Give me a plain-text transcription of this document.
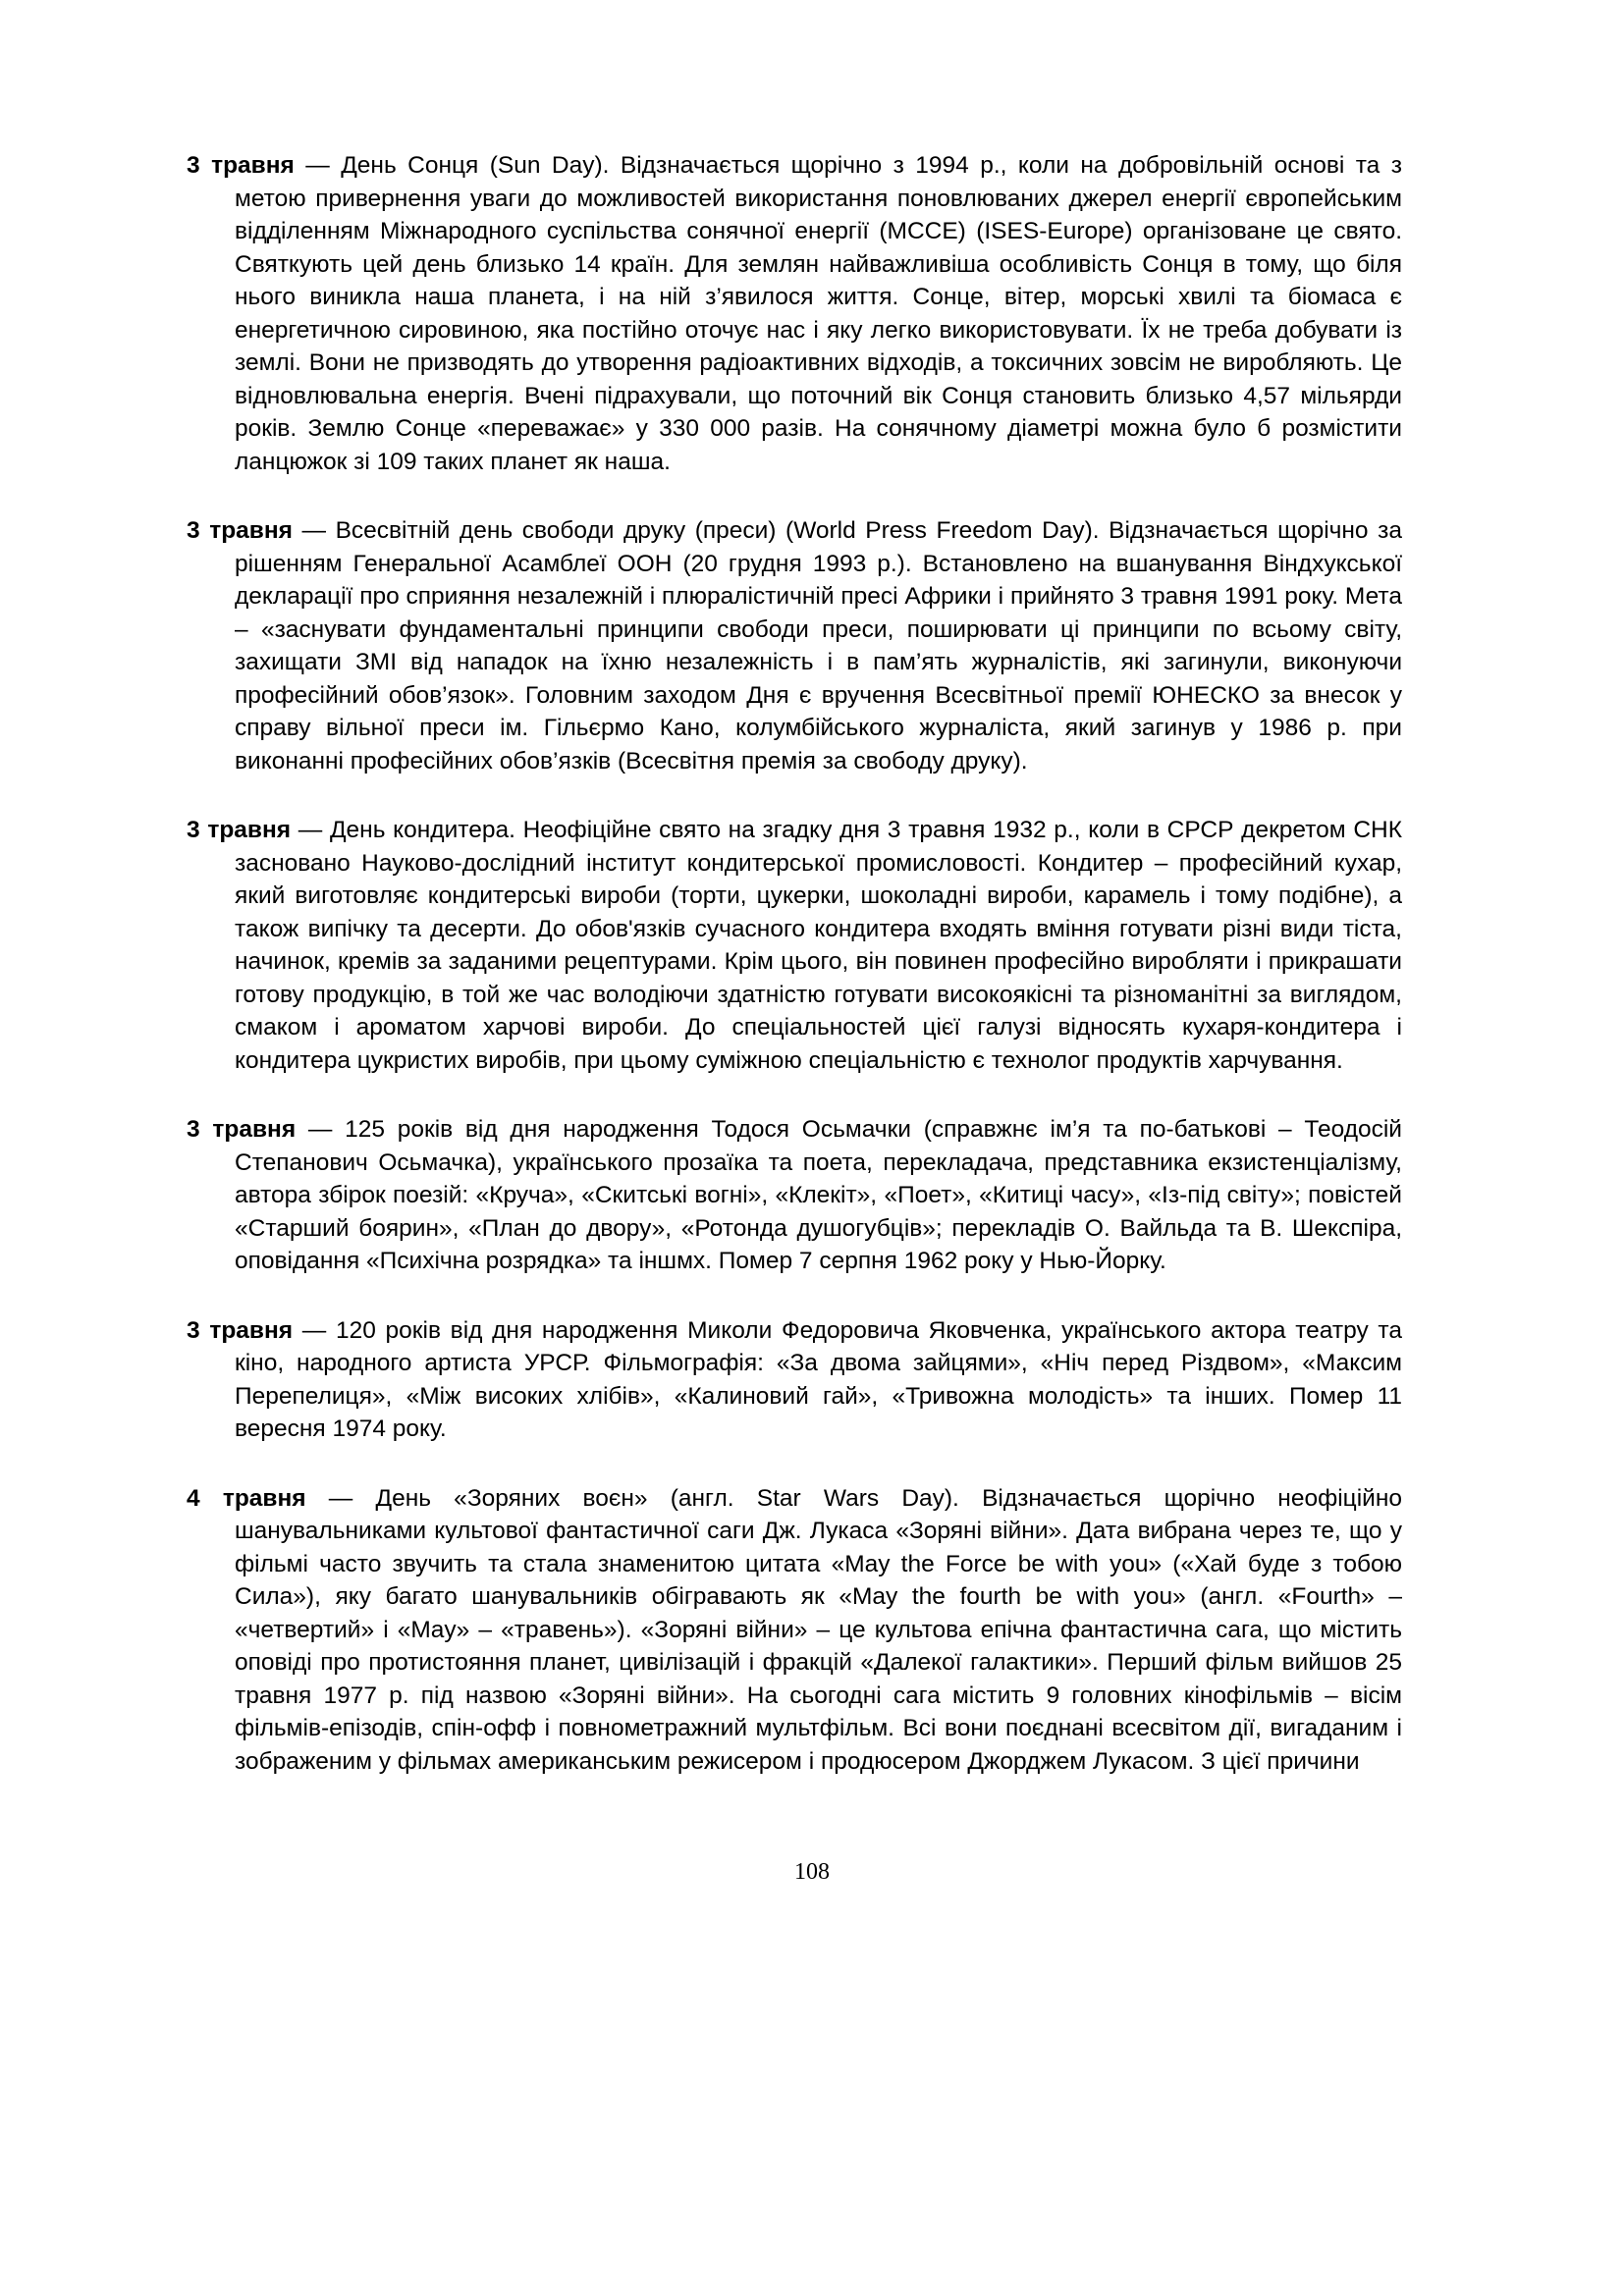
3 травня — День Сонця (Sun Day). Відзначається щорічно з 1994 р., коли на добровільній основі та з метою привернення уваги до можливостей використання поновлюваних джерел енергії європейським відділенням Міжнародного суспільства сонячної енергії (МССЕ) (ISES-Europe) організоване це свято. Святкують цей день близько 14 країн. Для землян найважливіша особливість Сонця в тому, що біля нього виникла наша планета, і на ній з’явилося життя. Сонце, вітер, морські хвилі та біомаса є енергетичною сировиною, яка постійно оточує нас і яку легко використовувати. Їх не треба добувати із землі. Вони не призводять до утворення радіоактивних відходів, а токсичних зовсім не виробляють. Це відновлювальна енергія. Вчені підрахували, що поточний вік Сонця становить близько 4,57 мільярди років. Землю Сонце «переважає» у 330 000 разів. На сонячному діаметрі можна було б розмістити ланцюжок зі 109 таких планет як наша.

3 травня — Всесвітній день свободи друку (преси) (World Press Freedom Day). Відзначається щорічно за рішенням Генеральної Асамблеї ООН (20 грудня 1993 р.). Встановлено на вшанування Віндхукської декларації про сприяння незалежній і плюралістичній пресі Африки і прийнято 3 травня 1991 року. Мета – «заснувати фундаментальні принципи свободи преси, поширювати ці принципи по всьому світу, захищати ЗМІ від нападок на їхню незалежність і в пам’ять журналістів, які загинули, виконуючи професійний обов’язок». Головним заходом Дня є вручення Всесвітньої премії ЮНЕСКО за внесок у справу вільної преси ім. Гільєрмо Кано, колумбійського журналіста, який загинув у 1986 р. при виконанні професійних обов’язків (Всесвітня премія за свободу друку).

3 травня — День кондитера. Неофіційне свято на згадку дня 3 травня 1932 р., коли в СРСР декретом СНК засновано Науково-дослідний інститут кондитерської промисловості. Кондитер – професійний кухар, який виготовляє кондитерські вироби (торти, цукерки, шоколадні вироби, карамель і тому подібне), а також випічку та десерти. До обов'язків сучасного кондитера входять вміння готувати різні види тіста, начинок, кремів за заданими рецептурами. Крім цього, він повинен професійно виробляти і прикрашати готову продукцію, в той же час володіючи здатністю готувати високоякісні та різноманітні за виглядом, смаком і ароматом харчові вироби. До спеціальностей цієї галузі відносять кухаря-кондитера і кондитера цукристих виробів, при цьому суміжною спеціальністю є технолог продуктів харчування.

3 травня — 125 років від дня народження Тодося Осьмачки (справжнє ім’я та по-батькові – Теодосій Степанович Осьмачка), українського прозаїка та поета, перекладача, представника екзистенціалізму, автора збірок поезій: «Круча», «Скитські вогні», «Клекіт», «Поет», «Китиці часу», «Із-під світу»; повістей «Старший боярин», «План до двору», «Ротонда душогубців»; перекладів О. Вайльда та В. Шекспіра, оповідання «Психічна розрядка» та іншмх. Помер 7 серпня 1962 року у Нью-Йорку.

3 травня — 120 років від дня народження Миколи Федоровича Яковченка, українського актора театру та кіно, народного артиста УРСР. Фільмографія: «За двома зайцями», «Ніч перед Різдвом», «Максим Перепелиця», «Між високих хлібів», «Калиновий гай», «Тривожна молодість» та інших. Помер 11 вересня 1974 року.

4 травня — День «Зоряних воєн» (англ. Star Wars Day). Відзначається щорічно неофіційно шанувальниками культової фантастичної саги Дж. Лукаса «Зоряні війни». Дата вибрана через те, що у фільмі часто звучить та стала знаменитою цитата «May the Force be with you» («Хай буде з тобою Сила»), яку багато шанувальників обігравають як «May the fourth be with you» (англ. «Fourth» – «четвертий» і «May» – «травень»). «Зоряні війни» – це культова епічна фантастична сага, що містить оповіді про протистояння планет, цивілізацій і фракцій «Далекої галактики». Перший фільм вийшов 25 травня 1977 р. під назвою «Зоряні війни». На сьогодні сага містить 9 головних кінофільмів – вісім фільмів-епізодів, спін-офф і повнометражний мультфільм. Всі вони поєднані всесвітом дії, вигаданим і зображеним у фільмах американським режисером і продюсером Джорджем Лукасом. З цієї причини

108
